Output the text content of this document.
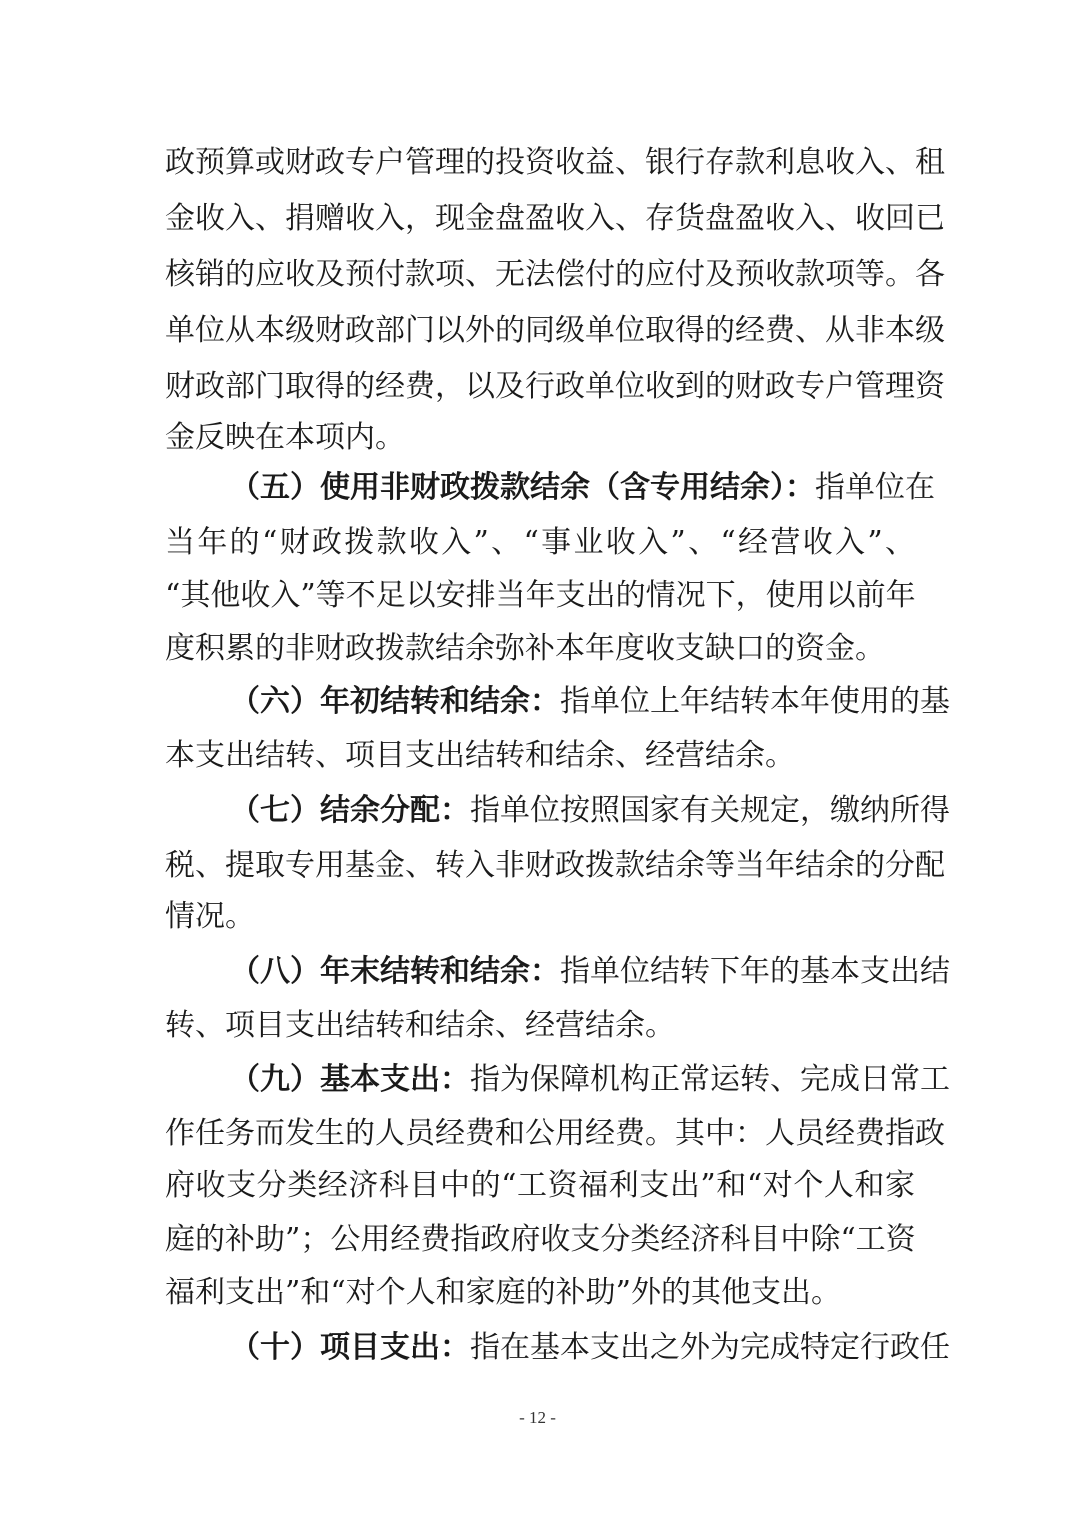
政预算或财政专户管理的投资收益、银行存款利息收入、租
金收入、捐赠收入，现金盘盈收入、存货盘盈收入、收回已
核销的应收及预付款项、无法偿付的应付及预收款项等。各
单位从本级财政部门以外的同级单位取得的经费、从非本级
财政部门取得的经费，以及行政单位收到的财政专户管理资
金反映在本项内。
（五）使用非财政拨款结余（含专用结余）：指单位在
当年的“财政拨款收入”、“事业收入”、“经营收入”、
“其他收入”等不足以安排当年支出的情况下，使用以前年
度积累的非财政拨款结余弥补本年度收支缺口的资金。
（六）年初结转和结余：指单位上年结转本年使用的基
本支出结转、项目支出结转和结余、经营结余。
（七）结余分配：指单位按照国家有关规定，缴纳所得
税、提取专用基金、转入非财政拨款结余等当年结余的分配
情况。
（八）年末结转和结余：指单位结转下年的基本支出结
转、项目支出结转和结余、经营结余。
（九）基本支出：指为保障机构正常运转、完成日常工
作任务而发生的人员经费和公用经费。其中：人员经费指政
府收支分类经济科目中的“工资福利支出”和“对个人和家
庭的补助”；公用经费指政府收支分类经济科目中除“工资
福利支出”和“对个人和家庭的补助”外的其他支出。
（十）项目支出：指在基本支出之外为完成特定行政任
- 12 -
